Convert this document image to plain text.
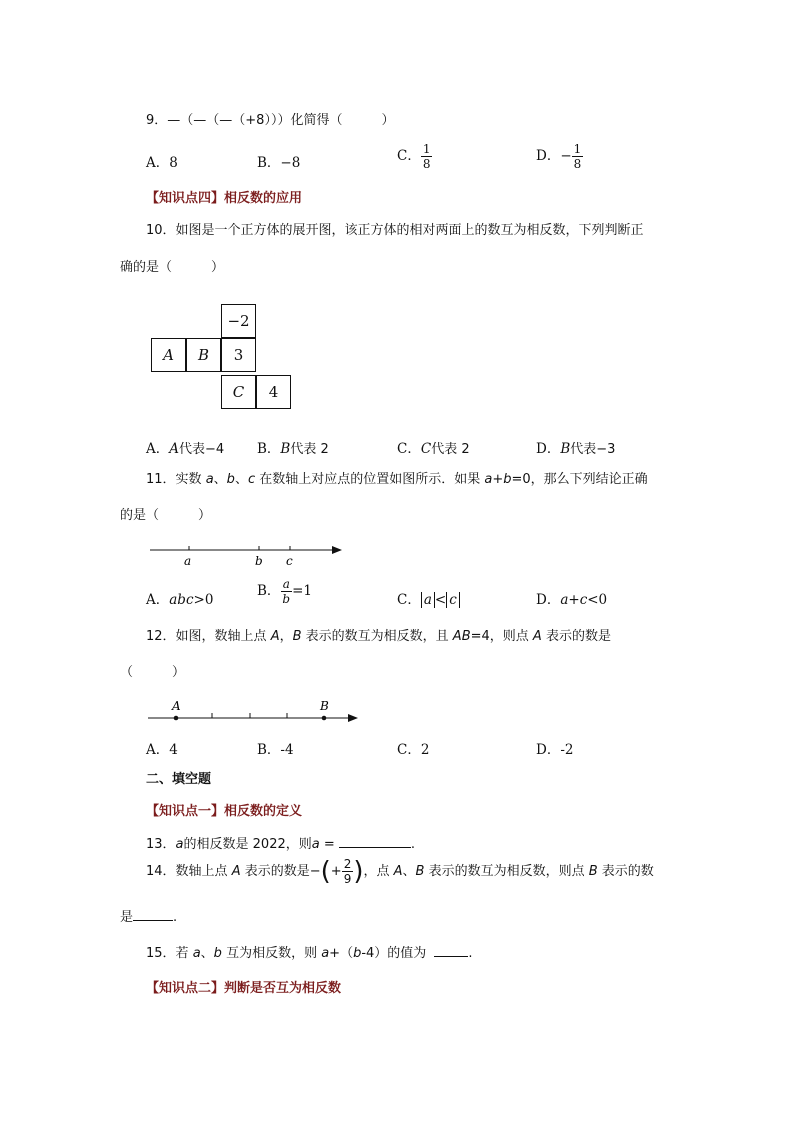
9．—（—（—（+8）））化简得（　　　）
A．8	B．−8	C． $\frac{1}{8}$	D．− $\frac{1}{8}$
【知识点四】相反数的应用
10．如图是一个正方体的展开图，该正方体的相对两面上的数互为相反数，下列判断正
确的是（　　　）
−2
A	B	3
C	4
A．A代表−4 B．B代表 2	C．C代表 2	D．B代表−3
11．实数 a、b、c 在数轴上对应点的位置如图所示．如果 a+b=0，那么下列结论正确
的是（　　　）
a	b c
A．abc>0
B． $\frac{a}{b} =1$
C． a < c	D．a+c<0
12．如图，数轴上点 A，B 表示的数互为相反数，且 AB=4，则点 A 表示的数是
（　　　）
A	B
A．4	B．-4	C．2	D．-2
二、填空题
【知识点一】相反数的定义
13．a的相反数是 2022，则a =	.
14．数轴上点 A 表示的数是−(+ $\frac{2}{9}$ )，点 A、B 表示的数互为相反数，则点 B 表示的数
是	.
15．若 a、b 互为相反数，则 a+（b-4）的值为	.
【知识点二】判断是否互为相反数
